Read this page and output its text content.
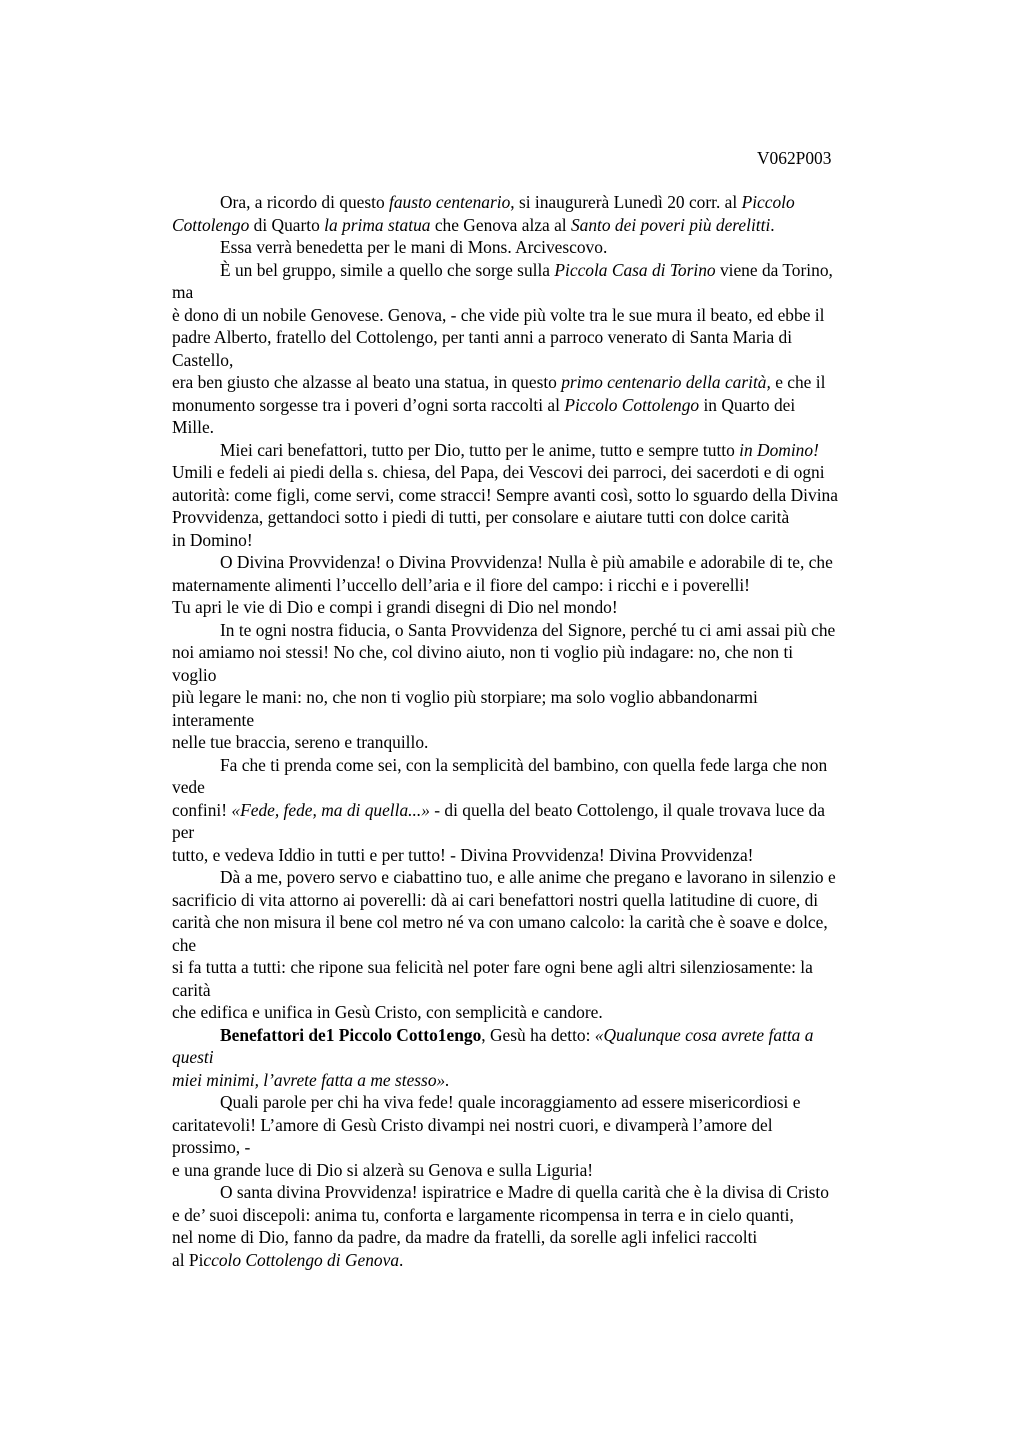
V062P003
Ora, a ricordo di questo fausto centenario, si inaugurerà Lunedì 20 corr. al Piccolo
Cottolengo di Quarto la prima statua che Genova alza al Santo dei poveri più derelitti.
Essa verrà benedetta per le mani di Mons. Arcivescovo.
È un bel gruppo, simile a quello che sorge sulla Piccola Casa di Torino viene da Torino,
ma
è dono di un nobile Genovese. Genova, - che vide più volte tra le sue mura il beato, ed ebbe il
padre Alberto, fratello del Cottolengo, per tanti anni a parroco venerato di Santa Maria di
Castello,
era ben giusto che alzasse al beato una statua, in questo primo centenario della carità, e che il
monumento sorgesse tra i poveri d’ogni sorta raccolti al Piccolo Cottolengo in Quarto dei
Mille.
Miei cari benefattori, tutto per Dio, tutto per le anime, tutto e sempre tutto in Domino!
Umili e fedeli ai piedi della s. chiesa, del Papa, dei Vescovi dei parroci, dei sacerdoti e di ogni
autorità: come figli, come servi, come stracci! Sempre avanti così, sotto lo sguardo della Divina
Provvidenza, gettandoci sotto i piedi di tutti, per consolare e aiutare tutti con dolce carità
in Domino!
O Divina Provvidenza! o Divina Provvidenza! Nulla è più amabile e adorabile di te, che
maternamente alimenti l’uccello dell’aria e il fiore del campo: i ricchi e i poverelli!
Tu apri le vie di Dio e compi i grandi disegni di Dio nel mondo!
In te ogni nostra fiducia, o Santa Provvidenza del Signore, perché tu ci ami assai più che
noi amiamo noi stessi! No che, col divino aiuto, non ti voglio più indagare: no, che non ti
voglio
più legare le mani: no, che non ti voglio più storpiare; ma solo voglio abbandonarmi
interamente
nelle tue braccia, sereno e tranquillo.
Fa che ti prenda come sei, con la semplicità del bambino, con quella fede larga che non
vede
confini! «Fede, fede, ma di quella...» - di quella del beato Cottolengo, il quale trovava luce da
per
tutto, e vedeva Iddio in tutti e per tutto! - Divina Provvidenza! Divina Provvidenza!
Dà a me, povero servo e ciabattino tuo, e alle anime che pregano e lavorano in silenzio e
sacrificio di vita attorno ai poverelli: dà ai cari benefattori nostri quella latitudine di cuore, di
carità che non misura il bene col metro né va con umano calcolo: la carità che è soave e dolce,
che
si fa tutta a tutti: che ripone sua felicità nel poter fare ogni bene agli altri silenziosamente: la
carità
che edifica e unifica in Gesù Cristo, con semplicità e candore.
Benefattori de1 Piccolo Cotto1engo, Gesù ha detto: «Qualunque cosa avrete fatta a
questi
miei minimi, l’avrete fatta a me stesso».
Quali parole per chi ha viva fede! quale incoraggiamento ad essere misericordiosi e
caritatevoli! L’amore di Gesù Cristo divampi nei nostri cuori, e divamperà l’amore del
prossimo, -
e una grande luce di Dio si alzerà su Genova e sulla Liguria!
O santa divina Provvidenza! ispiratrice e Madre di quella carità che è la divisa di Cristo
e de’ suoi discepoli: anima tu, conforta e largamente ricompensa in terra e in cielo quanti,
nel nome di Dio, fanno da padre, da madre da fratelli, da sorelle agli infelici raccolti
al Piccolo Cottolengo di Genova.
